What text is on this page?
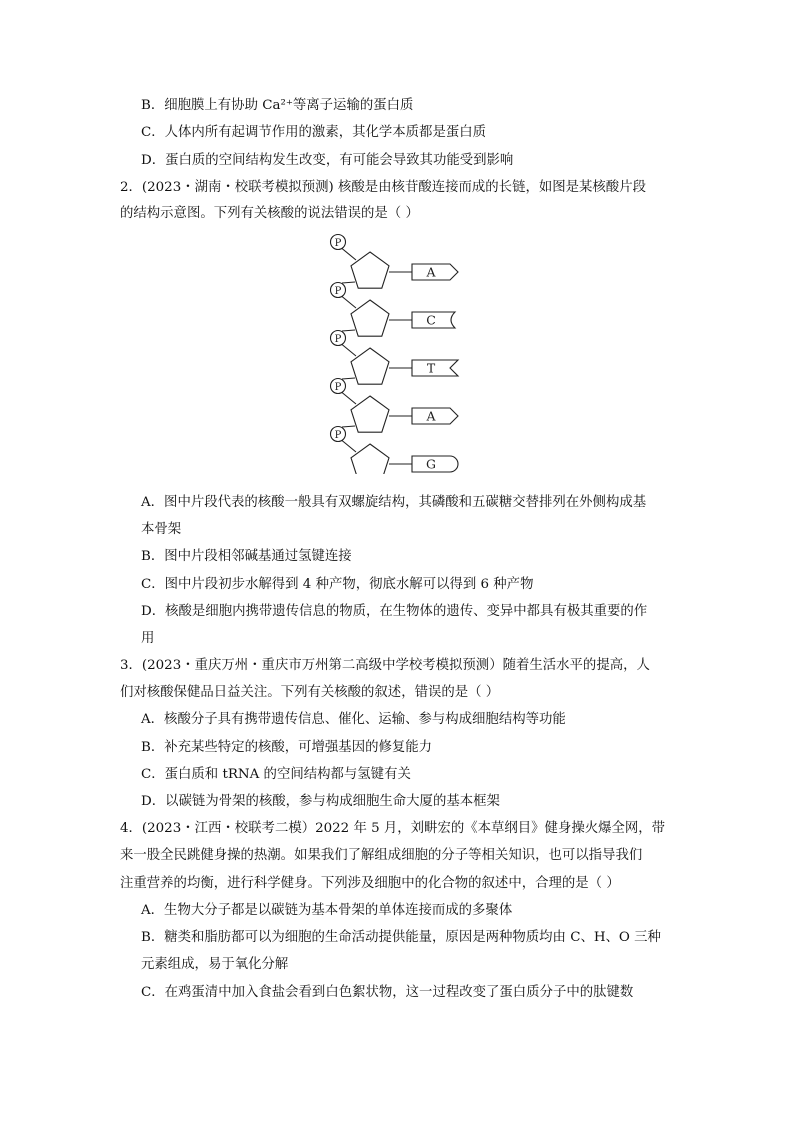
B．细胞膜上有协助 Ca²⁺等离子运输的蛋白质
C．人体内所有起调节作用的激素，其化学本质都是蛋白质
D．蛋白质的空间结构发生改变，有可能会导致其功能受到影响
2．(2023・湖南・校联考模拟预测) 核酸是由核苷酸连接而成的长链，如图是某核酸片段
的结构示意图。下列有关核酸的说法错误的是（ ）
P
A
P
C
P
T
P
A
P
G
A．图中片段代表的核酸一般具有双螺旋结构，其磷酸和五碳糖交替排列在外侧构成基
本骨架
B．图中片段相邻碱基通过氢键连接
C．图中片段初步水解得到 4 种产物，彻底水解可以得到 6 种产物
D．核酸是细胞内携带遗传信息的物质，在生物体的遗传、变异中都具有极其重要的作
用
3．(2023・重庆万州・重庆市万州第二高级中学校考模拟预测）随着生活水平的提高，人
们对核酸保健品日益关注。下列有关核酸的叙述，错误的是（ ）
A．核酸分子具有携带遗传信息、催化、运输、参与构成细胞结构等功能
B．补充某些特定的核酸，可增强基因的修复能力
C．蛋白质和 tRNA 的空间结构都与氢键有关
D．以碳链为骨架的核酸，参与构成细胞生命大厦的基本框架
4．(2023・江西・校联考二模）2022 年 5 月，刘畊宏的《本草纲目》健身操火爆全网，带
来一股全民跳健身操的热潮。如果我们了解组成细胞的分子等相关知识，也可以指导我们
注重营养的均衡，进行科学健身。下列涉及细胞中的化合物的叙述中，合理的是（ ）
A．生物大分子都是以碳链为基本骨架的单体连接而成的多聚体
B．糖类和脂肪都可以为细胞的生命活动提供能量，原因是两种物质均由 C、H、O 三种
元素组成，易于氧化分解
C．在鸡蛋清中加入食盐会看到白色絮状物，这一过程改变了蛋白质分子中的肽键数
